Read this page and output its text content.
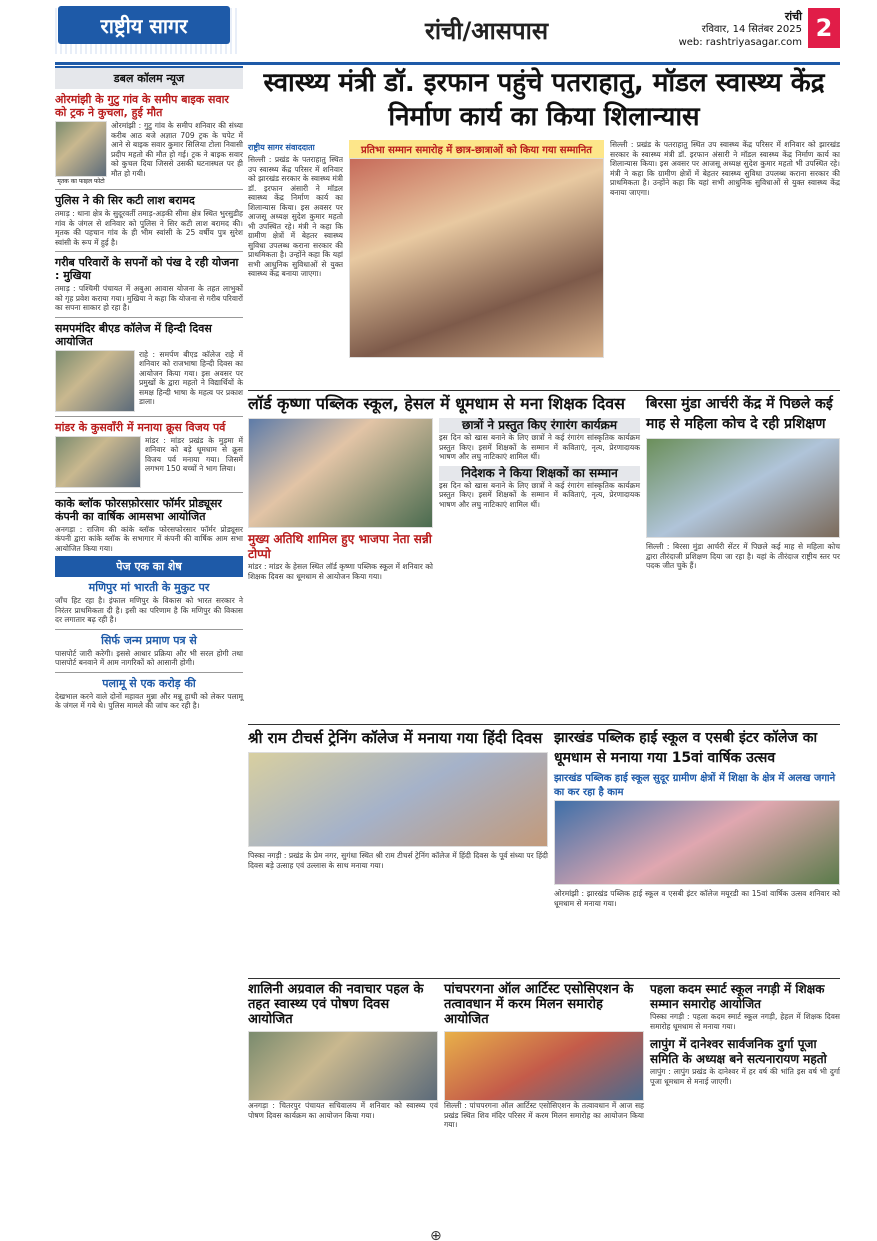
राष्ट्रीय सागर	रांची/आसपास
रांची
रविवार, 14 सितंबर 2025
web: rashtriyasagar.com
2
डबल कॉलम न्यूज
ओरमांझी के गुटु गांव के समीप बाइक सवार को ट्रक ने कुचला, हुई मौत
मृतक का फाइल फोटो
ओरमांझी : गुटु गांव के समीप शनिवार की संध्या करीब आठ बजे अज्ञात 709 ट्रक के चपेट में आने से बाइक सवार कुमार सिलिया टोला निवासी प्रदीप महतो की मौत हो गई। ट्रक ने बाइक सवार को कुचल दिया जिससे उसकी घटनास्थल पर ही मौत हो गयी।
पुलिस ने की सिर कटी लाश बरामद
तमाड़ : थाना क्षेत्र के सुदूरवर्ती तमाड़-अड़की सीमा क्षेत्र स्थित भुरसुडीह गांव के जंगल से शनिवार को पुलिस ने सिर कटी लाश बरामद की। मृतक की पहचान गांव के ही भीम स्वांसी के 25 वर्षीय पुत्र सुरेश स्वांसी के रूप में हुई है।
गरीब परिवारों के सपनों को पंख दे रही योजना : मुखिया
तमाड़ : पश्चिमी पंचायत में अबुआ आवास योजना के तहत लाभुकों को गृह प्रवेश कराया गया। मुखिया ने कहा कि योजना से गरीब परिवारों का सपना साकार हो रहा है।
समपमंदिर बीएड कॉलेज में हिन्दी दिवस आयोजित
राहे : समर्पण बीएड कॉलेज राहे में शनिवार को राजभाषा हिन्दी दिवस का आयोजन किया गया। इस अवसर पर प्रमुखों के द्वारा महतो ने विद्यार्थियों के समक्ष हिन्दी भाषा के महत्व पर प्रकाश डाला।
मांडर के कुसवाँरी में मनाया क्रूस विजय पर्व
मांडर : मांडर प्रखंड के मुड़मा में शनिवार को बड़े धूमधाम से क्रूस विजय पर्व मनाया गया। जिसमें लगभग 150 बच्चों ने भाग लिया।
काके ब्लॉक फोरसफ़ोरसार फॉर्मर प्रोड्यूसर कंपनी का वार्षिक आमसभा आयोजित
अनगड़ा : राजिम की कांके ब्लॉक फोरसफोरसार फॉर्मर प्रोड्यूसर कंपनी द्वारा कांके ब्लॉक के सभागार में कंपनी की वार्षिक आम सभा आयोजित किया गया।
पेज एक का शेष
मणिपुर मां भारती के मुकुट पर
जाँच हिट रहा है। इंफाल मणिपुर के विकास को भारत सरकार ने निरंतर प्राथमिकता दी है। इसी का परिणाम है कि मणिपुर की विकास दर लगातार बढ़ रही है।
सिर्फ जन्म प्रमाण पत्र से
पासपोर्ट जारी करेगी। इससे आधार प्रक्रिया और भी सरल होगी तथा पासपोर्ट बनवाने में आम नागरिकों को आसानी होगी।
पलामू से एक करोड़ की
देखभाल करने वाले दोनों महावत मुन्ना और मन्नू हाथी को लेकर पलामू के जंगल में गये थे। पुलिस मामले की जांच कर रही है।
स्वास्थ्य मंत्री डॉ. इरफान पहुंचे पतराहातु, मॉडल स्वास्थ्य केंद्र निर्माण कार्य का किया शिलान्यास
राष्ट्रीय सागर संवाददाता
सिल्ली : प्रखंड के पतराहातु स्थित उप स्वास्थ्य केंद्र परिसर में शनिवार को झारखंड सरकार के स्वास्थ्य मंत्री डॉ. इरफान अंसारी ने मॉडल स्वास्थ्य केंद्र निर्माण कार्य का शिलान्यास किया। इस अवसर पर आजसू अध्यक्ष सुदेश कुमार महतो भी उपस्थित रहे। मंत्री ने कहा कि ग्रामीण क्षेत्रों में बेहतर स्वास्थ्य सुविधा उपलब्ध कराना सरकार की प्राथमिकता है। उन्होंने कहा कि यहां सभी आधुनिक सुविधाओं से युक्त स्वास्थ्य केंद्र बनाया जाएगा।
प्रतिभा सम्मान समारोह में छात्र-छात्राओं को किया गया सम्मानित
सिल्ली : प्रखंड के पतराहातु स्थित उप स्वास्थ्य केंद्र परिसर में शनिवार को झारखंड सरकार के स्वास्थ्य मंत्री डॉ. इरफान अंसारी ने मॉडल स्वास्थ्य केंद्र निर्माण कार्य का शिलान्यास किया। इस अवसर पर आजसू अध्यक्ष सुदेश कुमार महतो भी उपस्थित रहे। मंत्री ने कहा कि ग्रामीण क्षेत्रों में बेहतर स्वास्थ्य सुविधा उपलब्ध कराना सरकार की प्राथमिकता है। उन्होंने कहा कि यहां सभी आधुनिक सुविधाओं से युक्त स्वास्थ्य केंद्र बनाया जाएगा।
लॉर्ड कृष्णा पब्लिक स्कूल, हेसल में धूमधाम से मना शिक्षक दिवस
मुख्य अतिथि शामिल हुए भाजपा नेता सन्नी टोप्पो
मांडर : मांडर के हेसल स्थित लॉर्ड कृष्णा पब्लिक स्कूल में शनिवार को शिक्षक दिवस का धूमधाम से आयोजन किया गया।
छात्रों ने प्रस्तुत किए रंगारंग कार्यक्रम
इस दिन को खास बनाने के लिए छात्रों ने कई रंगारंग सांस्कृतिक कार्यक्रम प्रस्तुत किए। इसमें शिक्षकों के सम्मान में कविताएं, नृत्य, प्रेरणादायक भाषण और लघु नाटिकाएं शामिल थीं।
निदेशक ने किया शिक्षकों का सम्मान
इस दिन को खास बनाने के लिए छात्रों ने कई रंगारंग सांस्कृतिक कार्यक्रम प्रस्तुत किए। इसमें शिक्षकों के सम्मान में कविताएं, नृत्य, प्रेरणादायक भाषण और लघु नाटिकाएं शामिल थीं।
बिरसा मुंडा आर्चरी केंद्र में पिछले कई माह से महिला कोच दे रही प्रशिक्षण
सिल्ली : बिरसा मुंडा आर्चरी सेंटर में पिछले कई माह से महिला कोच द्वारा तीरंदाजी प्रशिक्षण दिया जा रहा है। यहां के तीरंदाज राष्ट्रीय स्तर पर पदक जीत चुके हैं।
श्री राम टीचर्स ट्रेनिंग कॉलेज में मनाया गया हिंदी दिवस
पिस्का नगड़ी : प्रखंड के प्रेम नगर, सुगंधा स्थित श्री राम टीचर्स ट्रेनिंग कॉलेज में हिंदी दिवस के पूर्व संध्या पर हिंदी दिवस बड़े उत्साह एवं उल्लास के साथ मनाया गया।
झारखंड पब्लिक हाई स्कूल व एसबी इंटर कॉलेज का धूमधाम से मनाया गया 15वां वार्षिक उत्सव
झारखंड पब्लिक हाई स्कूल सुदूर ग्रामीण क्षेत्रों में शिक्षा के क्षेत्र में अलख जगाने का कर रहा है काम
ओरमांझी : झारखंड पब्लिक हाई स्कूल व एसबी इंटर कॉलेज मयूरडी का 15वां वार्षिक उत्सव शनिवार को धूमधाम से मनाया गया।
शालिनी अग्रवाल की नवाचार पहल के तहत स्वास्थ्य एवं पोषण दिवस आयोजित
अनगड़ा : चितरपुर पंचायत सचिवालय में शनिवार को स्वास्थ्य एवं पोषण दिवस कार्यक्रम का आयोजन किया गया।
पांचपरगना ऑल आर्टिस्ट एसोसिएशन के तत्वावधान में करम मिलन समारोह आयोजित
सिल्ली : पांचपरगना ऑल आर्टिस्ट एसोसिएशन के तत्वावधान में आज सह प्रखंड स्थित शिव मंदिर परिसर में करम मिलन समारोह का आयोजन किया गया।
पहला कदम स्मार्ट स्कूल नगड़ी में शिक्षक सम्मान समारोह आयोजित
पिस्का नगड़ी : पहला कदम स्मार्ट स्कूल नगड़ी, हेहल में शिक्षक दिवस समारोह धूमधाम से मनाया गया।
लापुंग में दानेश्वर सार्वजनिक दुर्गा पूजा समिति के अध्यक्ष बने सत्यनारायण महतो
लापुंग : लापुंग प्रखंड के दानेश्वर में हर वर्ष की भांति इस वर्ष भी दुर्गा पूजा धूमधाम से मनाई जाएगी।
⊕
